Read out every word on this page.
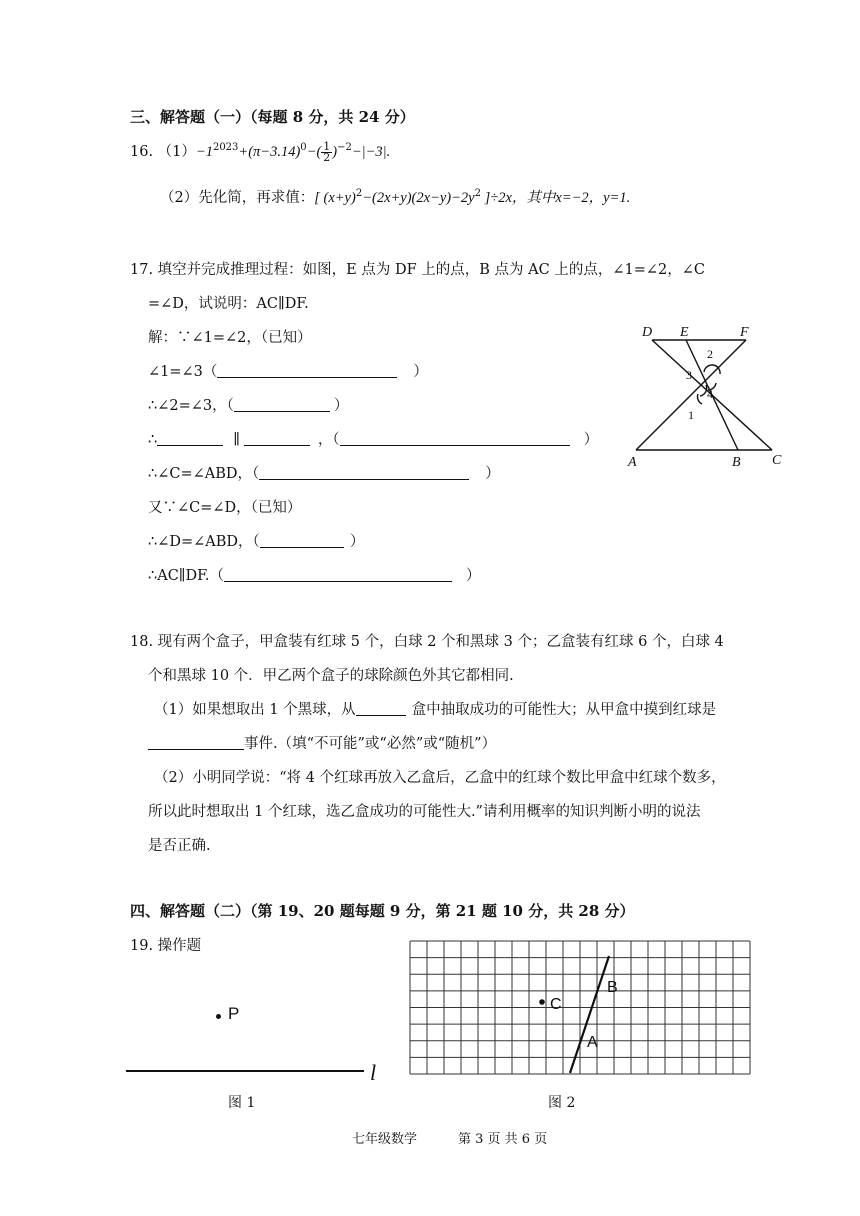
三、解答题（一）（每题 8 分，共 24 分）
16. $(1)-1^{2023}+(\pi-3.14)^0-( \frac{1}{2} )^{-2}-|-3|$.
（2）先化简，再求值：[ $(x+y)^2-(2x+y)(2x-y)-2y^2$ ]÷2x，其中x=−2，y=1.
17. 填空并完成推理过程：如图，E 点为 DF 上的点，B 点为 AC 上的点，∠1=∠2，∠C
=∠D，试说明：AC∥DF.
解：∵∠1=∠2，（已知）
∠1=∠3（	）
∴∠2=∠3，（	）
∴	∥	，（	）
∴∠C=∠ABD，（	）
又∵∠C=∠D，（已知）
∴∠D=∠ABD，（	）
∴AC∥DF.（	）
D E	F
A	B C
1
2
3
4
18. 现有两个盒子，甲盒装有红球 5 个，白球 2 个和黑球 3 个；乙盒装有红球 6 个，白球 4
个和黑球 10 个．甲乙两个盒子的球除颜色外其它都相同.
（1）如果想取出 1 个黑球，从	盒中抽取成功的可能性大；从甲盒中摸到红球是
事件.（填“不可能”或“必然”或“随机”）
（2）小明同学说：“将 4 个红球再放入乙盒后，乙盒中的红球个数比甲盒中红球个数多，
所以此时想取出 1 个红球，选乙盒成功的可能性大.”请利用概率的知识判断小明的说法
是否正确.
四、解答题（二）（第 19、20 题每题 9 分，第 21 题 10 分，共 28 分）
19. 操作题
P
l
图 1
C
B
A
图 2
七年级数学	第 3 页 共 6 页
